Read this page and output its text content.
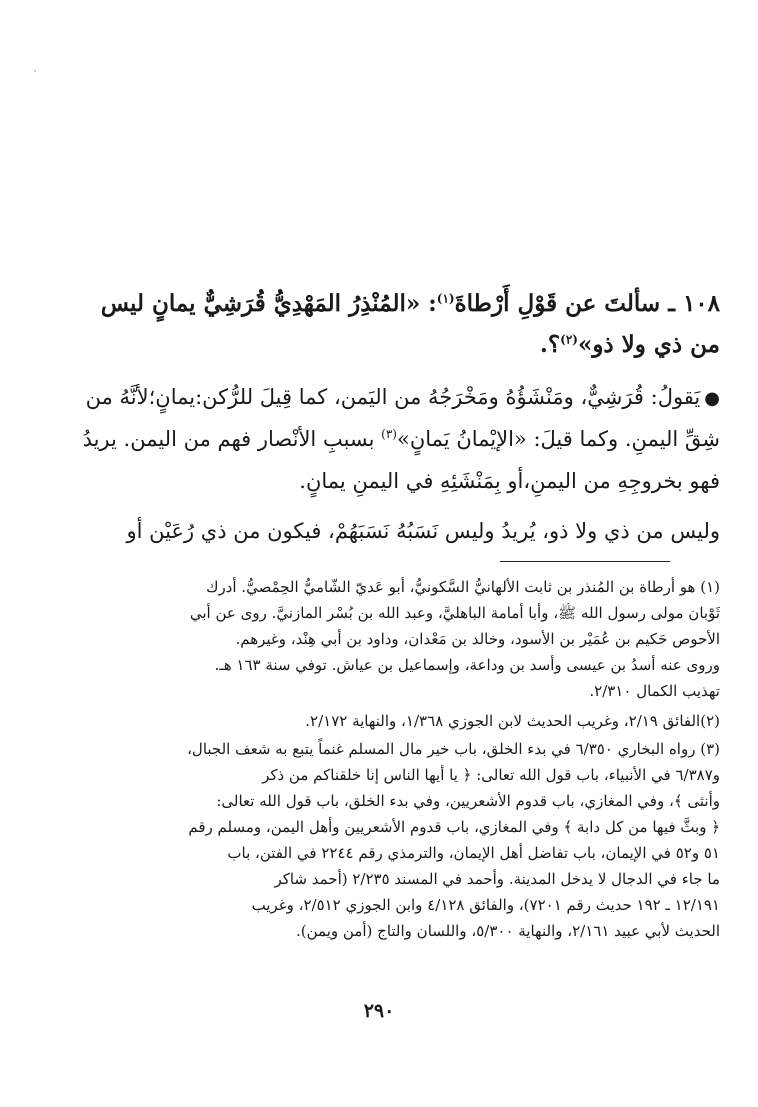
١٠٨ ـ سألتَ عن قَوْلِ أَرْطاةَ$^{(١)}$: «المُنْذِرُ المَهْدِيُّ قُرَشِيٌّ يمانٍ ليس

من ذي ولا ذو»$^{(٢)}$؟.

●يَقولُ: قُرَشِيٌّ، ومَنْشَؤُهُ ومَخْرَجُهُ من اليَمن، كما قِيلَ للرُّكن:يمانٍ؛لأنَّهُ من

شِقِّ اليمنِ. وكما قيلَ: «الإيْمانُ يَمانٍ»$^{(٣)}$ بسببِ الأنْصار فهم من اليمن. يريدُ

فهو بخروجِهِ من اليمنِ،أو بِمَنْشَئِهِ في اليمنِ يمانٍ.

وليس من ذي ولا ذو، يُريدُ وليس نَسَبُهُ نَسَبَهُمْ، فيكون من ذي رُعَيْن أو

(١) هو أرطاة بن المُنذر بن ثابت الألهانيُّ السَّكونيُّ، أبو عَديّ الشّاميُّ الحِمْصيُّ. أدرك

ثَوْبان مولى رسول الله ﷺ، وأبا أمامة الباهليَّ، وعبد الله بن بُسْر المازنيَّ. روى عن أبي

الأحوص حَكيم بن عُمَيْر بن الأسود، وخالد بن مَعْدان، وداود بن أبي هِنْد، وغيرهم.

وروى عنه أسدُ بن عيسى وأسد بن وداعة، وإسماعيل بن عياش. توفي سنة ١٦٣ هـ.

تهذيب الكمال ٢/٣١٠.

(٢)الفائق ٢/١٩، وغريب الحديث لابن الجوزي ١/٣٦٨، والنهاية ٢/١٧٢.

(٣) رواه البخاري ٦/٣٥٠ في بدء الخلق، باب خير مال المسلم غنماً يتبع به شعف الجبال،

و٦/٣٨٧ في الأنبياء، باب قول الله تعالى: ﴿ يا أيها الناس إنا خلقناكم من ذكر

وأنثى ﴾، وفي المغازي، باب قدوم الأشعريين، وفي بدء الخلق، باب قول الله تعالى:

﴿ وبثَّ فيها من كل دابة ﴾ وفي المغازي، باب قدوم الأشعريين وأهل اليمن، ومسلم رقم

٥١ و٥٢ في الإيمان، باب تفاضل أهل الإيمان، والترمذي رقم ٢٢٤٤ في الفتن، باب

ما جاء في الدجال لا يدخل المدينة. وأحمد في المسند ٢/٢٣٥ (أحمد شاكر

١٢/١٩١ ـ ١٩٢ حديث رقم ٧٢٠١)، والفائق ٤/١٢٨ وابن الجوزي ٢/٥١٢، وغريب

الحديث لأبي عبيد ٢/١٦١، والنهاية ٥/٣٠٠، واللسان والتاج (أمن ويمن).

٢٩٠
